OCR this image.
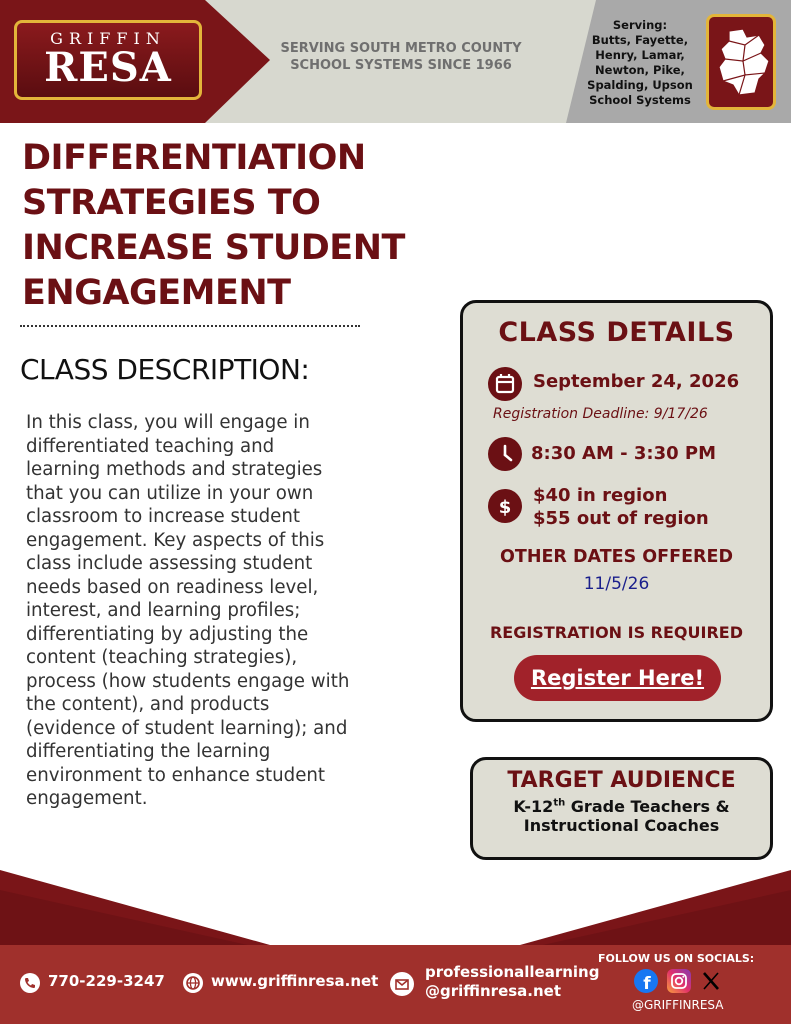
GRIFFIN
RESA	SERVING SOUTH METRO COUNTY
SCHOOL SYSTEMS SINCE 1966
Serving:
Butts, Fayette,
Henry, Lamar,
Newton, Pike,
Spalding, Upson
School Systems
DIFFERENTIATION
STRATEGIES TO
INCREASE STUDENT
ENGAGEMENT
CLASS DESCRIPTION:
In this class, you will engage in
differentiated teaching and
learning methods and strategies
that you can utilize in your own
classroom to increase student
engagement. Key aspects of this
class include assessing student
needs based on readiness level,
interest, and learning profiles;
differentiating by adjusting the
content (teaching strategies),
process (how students engage with
the content), and products
(evidence of student learning); and
differentiating the learning
environment to enhance student
engagement.
CLASS DETAILS
September 24, 2026
Registration Deadline: 9/17/26
8:30 AM - 3:30 PM
$
$40 in region
$55 out of region
OTHER DATES OFFERED
11/5/26
REGISTRATION IS REQUIRED
Register Here!
TARGET AUDIENCE
K-12th Grade Teachers &
Instructional Coaches
770-229-3247	www.griffinresa.net	professionallearning
@griffinresa.net
FOLLOW US ON SOCIALS:
f
@GRIFFINRESA
